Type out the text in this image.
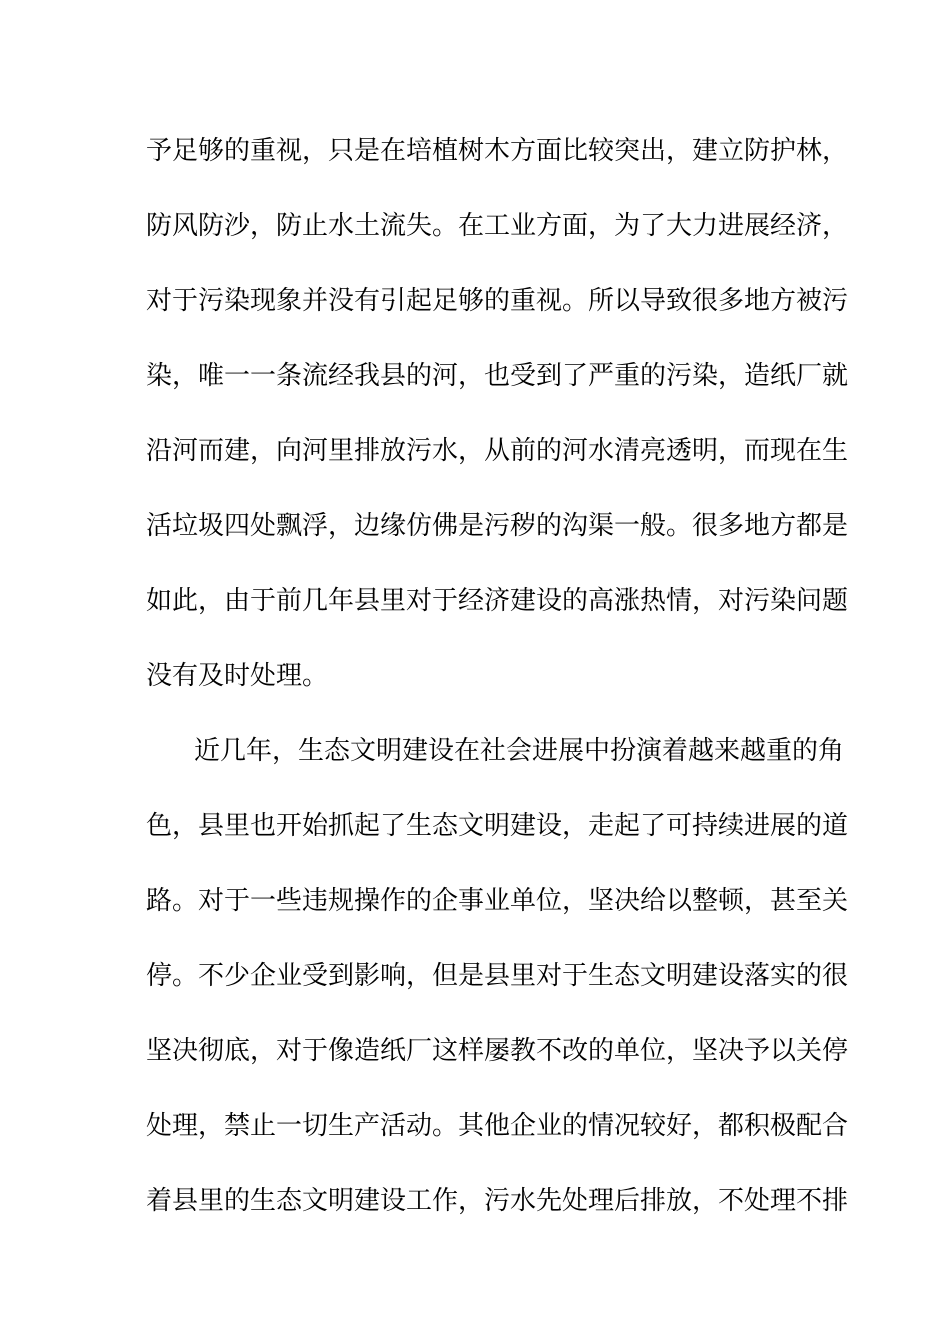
予足够的重视，只是在培植树木方面比较突出，建立防护林，
防风防沙，防止水土流失。在工业方面，为了大力进展经济，
对于污染现象并没有引起足够的重视。所以导致很多地方被污
染，唯一一条流经我县的河，也受到了严重的污染，造纸厂就
沿河而建，向河里排放污水，从前的河水清亮透明，而现在生
活垃圾四处飘浮，边缘仿佛是污秽的沟渠一般。很多地方都是
如此，由于前几年县里对于经济建设的高涨热情，对污染问题
没有及时处理。
近几年，生态文明建设在社会进展中扮演着越来越重的角
色，县里也开始抓起了生态文明建设，走起了可持续进展的道
路。对于一些违规操作的企事业单位，坚决给以整顿，甚至关
停。不少企业受到影响，但是县里对于生态文明建设落实的很
坚决彻底，对于像造纸厂这样屡教不改的单位，坚决予以关停
处理，禁止一切生产活动。其他企业的情况较好，都积极配合
着县里的生态文明建设工作，污水先处理后排放，不处理不排
